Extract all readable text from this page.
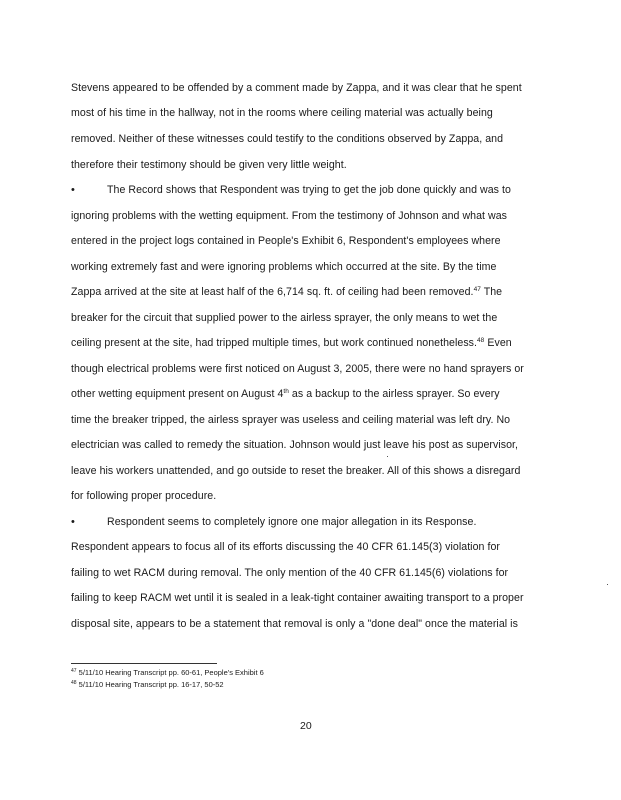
Stevens appeared to be offended by a comment made by Zappa, and it was clear that he spent
most of his time in the hallway, not in the rooms where ceiling material was actually being
removed. Neither of these witnesses could testify to the conditions observed by Zappa, and
therefore their testimony should be given very little weight.
•	The Record shows that Respondent was trying to get the job done quickly and was to
ignoring problems with the wetting equipment. From the testimony of Johnson and what was
entered in the project logs contained in People's Exhibit 6, Respondent's employees where
working extremely fast and were ignoring problems which occurred at the site. By the time
Zappa arrived at the site at least half of the 6,714 sq. ft. of ceiling had been removed.$^{47}$ The
breaker for the circuit that supplied power to the airless sprayer, the only means to wet the
ceiling present at the site, had tripped multiple times, but work continued nonetheless.$^{48}$ Even
though electrical problems were first noticed on August 3, 2005, there were no hand sprayers or
other wetting equipment present on August 4th as a backup to the airless sprayer. So every
time the breaker tripped, the airless sprayer was useless and ceiling material was left dry. No
electrician was called to remedy the situation. Johnson would just leave his post as supervisor,
leave his workers unattended, and go outside to reset the breaker. All of this shows a disregard
for following proper procedure.
•	Respondent seems to completely ignore one major allegation in its Response.
Respondent appears to focus all of its efforts discussing the 40 CFR 61.145(3) violation for
failing to wet RACM during removal. The only mention of the 40 CFR 61.145(6) violations for
failing to keep RACM wet until it is sealed in a leak-tight container awaiting transport to a proper
disposal site, appears to be a statement that removal is only a "done deal" once the material is
$^{47}$ 5/11/10 Hearing Transcript pp. 60-61, People's Exhibit 6
$^{48}$ 5/11/10 Hearing Transcript pp. 16-17, 50-52
20
